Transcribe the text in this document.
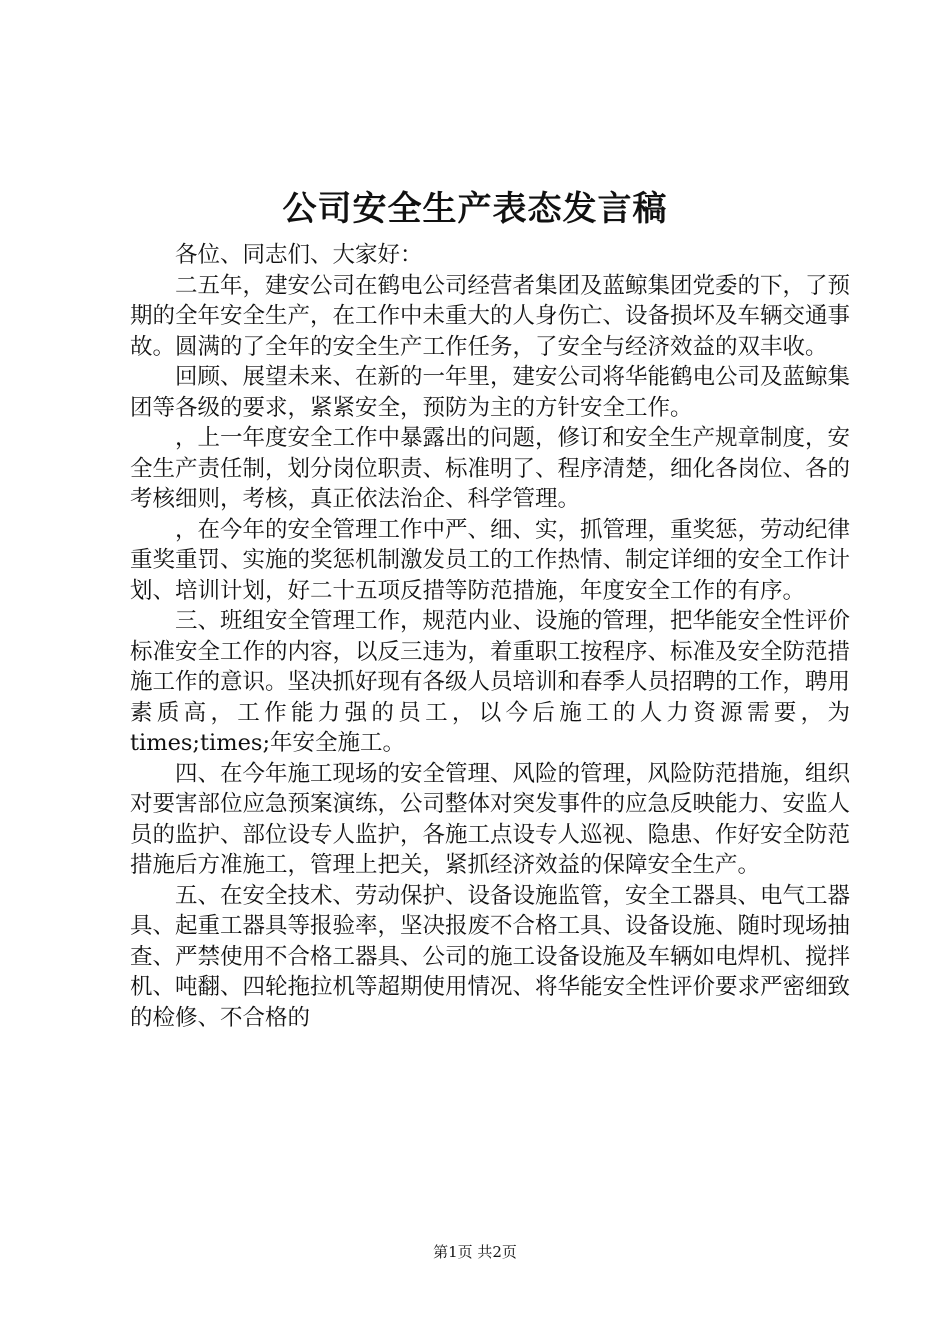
公司安全生产表态发言稿

各位、同志们、大家好：

二五年，建安公司在鹤电公司经营者集团及蓝鲸集团党委的下，了预期的全年安全生产，在工作中未重大的人身伤亡、设备损坏及车辆交通事故。圆满的了全年的安全生产工作任务，了安全与经济效益的双丰收。

回顾、展望未来、在新的一年里，建安公司将华能鹤电公司及蓝鲸集团等各级的要求，紧紧安全，预防为主的方针安全工作。

，上一年度安全工作中暴露出的问题，修订和安全生产规章制度，安全生产责任制，划分岗位职责、标准明了、程序清楚，细化各岗位、各的考核细则，考核，真正依法治企、科学管理。

，在今年的安全管理工作中严、细、实，抓管理，重奖惩，劳动纪律重奖重罚、实施的奖惩机制激发员工的工作热情、制定详细的安全工作计划、培训计划，好二十五项反措等防范措施，年度安全工作的有序。

三、班组安全管理工作，规范内业、设施的管理，把华能安全性评价标准安全工作的内容，以反三违为，着重职工按程序、标准及安全防范措施工作的意识。坚决抓好现有各级人员培训和春季人员招聘的工作，聘用素质高，工作能力强的员工，以今后施工的人力资源需要，为times;times;年安全施工。

四、在今年施工现场的安全管理、风险的管理，风险防范措施，组织对要害部位应急预案演练，公司整体对突发事件的应急反映能力、安监人员的监护、部位设专人监护，各施工点设专人巡视、隐患、作好安全防范措施后方准施工，管理上把关，紧抓经济效益的保障安全生产。

五、在安全技术、劳动保护、设备设施监管，安全工器具、电气工器具、起重工器具等报验率，坚决报废不合格工具、设备设施、随时现场抽查、严禁使用不合格工器具、公司的施工设备设施及车辆如电焊机、搅拌机、吨翻、四轮拖拉机等超期使用情况、将华能安全性评价要求严密细致的检修、不合格的

第1页 共2页
